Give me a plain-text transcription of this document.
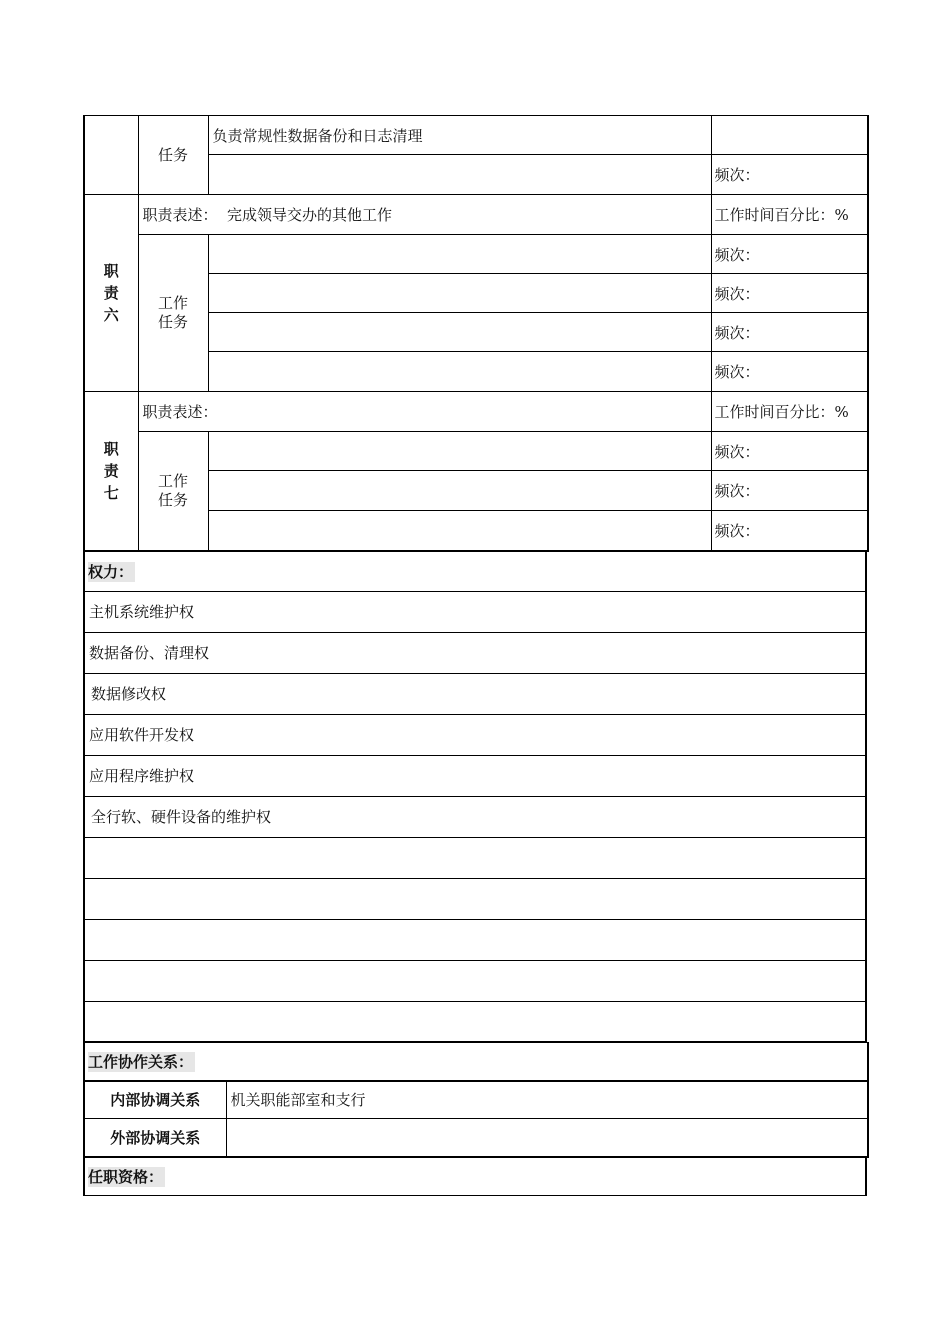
	任务	负责常规性数据备份和日志清理	
			频次：
职
责
六	职责表述：  完成领导交办的其他工作		工作时间百分比：%
	工作
任务		频次：
			频次：
			频次：
			频次：
职
责
七	职责表述：		工作时间百分比：%
	工作
任务		频次：
			频次：
			频次：
权力：
主机系统维护权
数据备份、清理权
数据修改权
应用软件开发权
应用程序维护权
全行软、硬件设备的维护权

工作协作关系：	
内部协调关系	机关职能部室和支行
外部协调关系	
任职资格：
